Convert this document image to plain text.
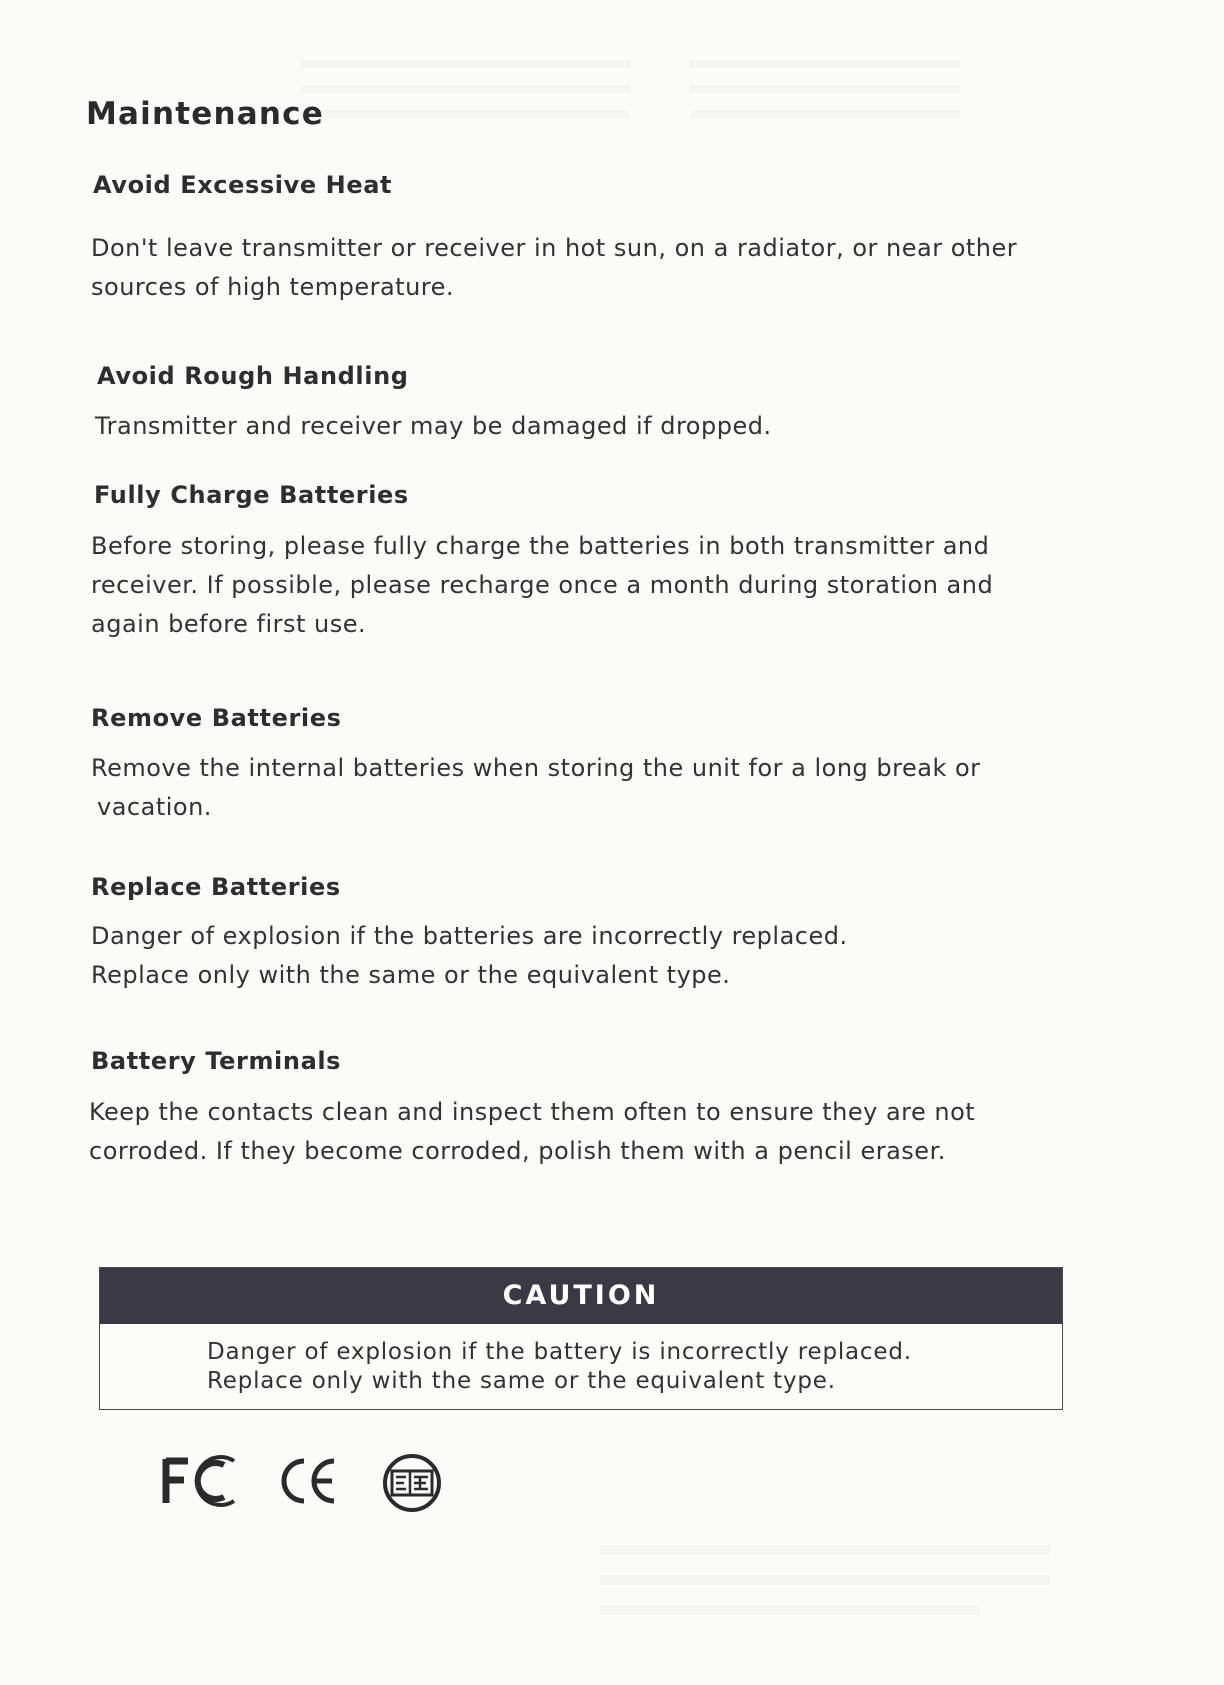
Maintenance
Avoid Excessive Heat
Don't leave transmitter or receiver in hot sun, on a radiator, or near other
sources of high temperature.
Avoid Rough Handling
Transmitter and receiver may be damaged if dropped.
Fully Charge Batteries
Before storing, please fully charge the batteries in both transmitter and
receiver. If possible, please recharge once a month during storation and
again before first use.
Remove Batteries
Remove the internal batteries when storing the unit for a long break or
vacation.
Replace Batteries
Danger of explosion if the batteries are incorrectly replaced.
Replace only with the same or the equivalent type.
Battery Terminals
Keep the contacts clean and inspect them often to ensure they are not
corroded. If they become corroded, polish them with a pencil eraser.
CAUTION
Danger of explosion if the battery is incorrectly replaced.
Replace only with the same or the equivalent type.
